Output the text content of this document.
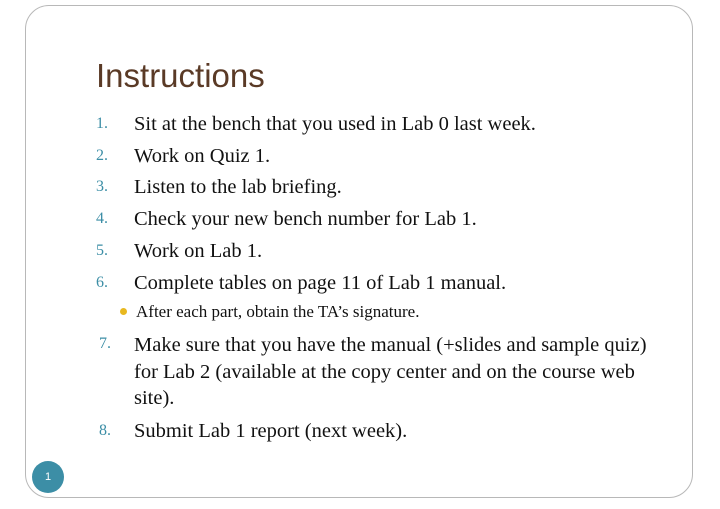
Instructions
1.	Sit at the bench that you used in Lab 0 last week.
2.	Work on Quiz 1.
3.	Listen to the lab briefing.
4.	Check your new bench number for Lab 1.
5.	Work on Lab 1.
6.	Complete tables on page 11 of Lab 1 manual.
After each part, obtain the TA’s signature.
7.	Make sure that you have the manual (+slides and sample quiz) for Lab 2 (available at the copy center and on the course web site).
8.	Submit Lab 1 report (next week).
1
